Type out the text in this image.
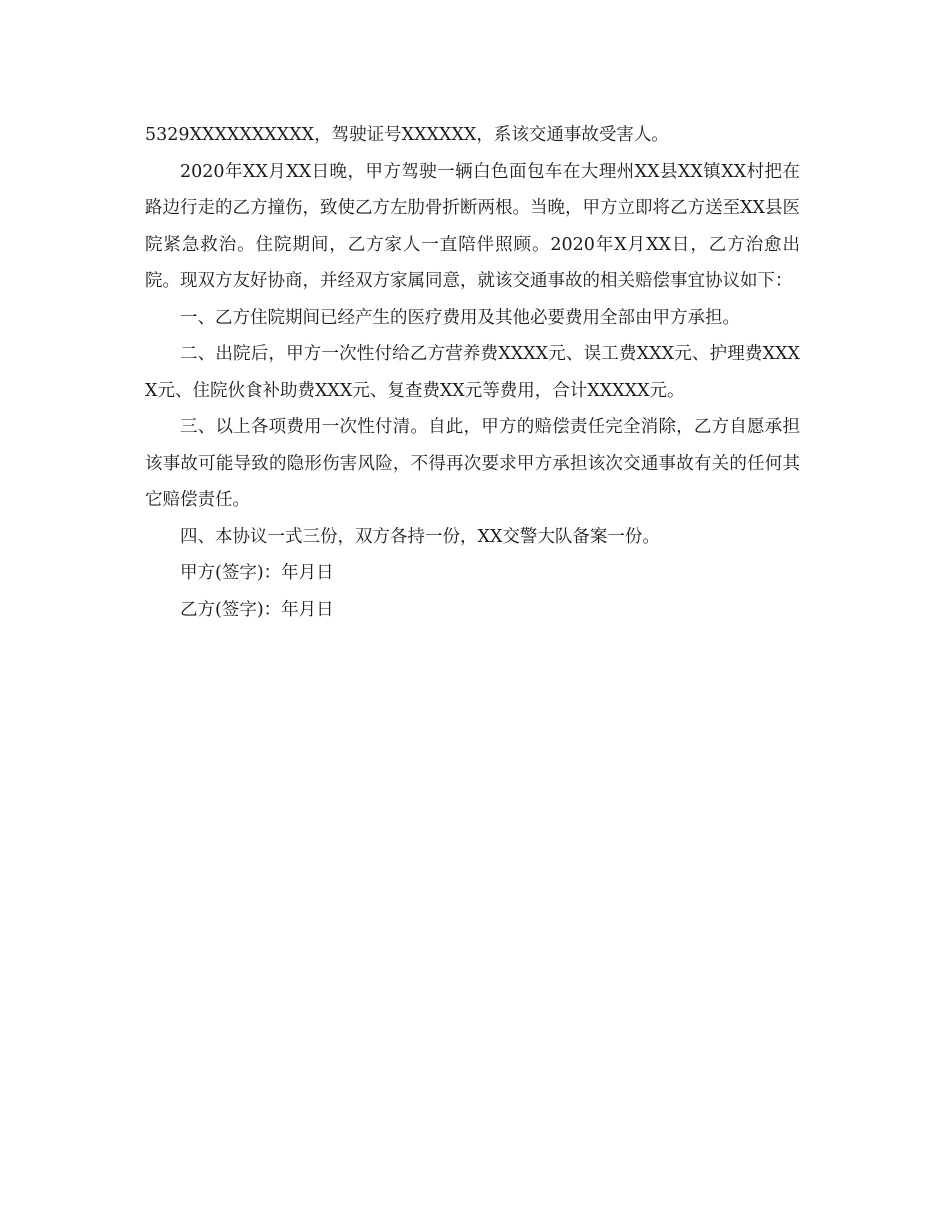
5329XXXXXXXXXX，驾驶证号XXXXXX，系该交通事故受害人。

2020年XX月XX日晚，甲方驾驶一辆白色面包车在大理州XX县XX镇XX村把在路边行走的乙方撞伤，致使乙方左肋骨折断两根。当晚，甲方立即将乙方送至XX县医院紧急救治。住院期间，乙方家人一直陪伴照顾。2020年X月XX日，乙方治愈出院。现双方友好协商，并经双方家属同意，就该交通事故的相关赔偿事宜协议如下：

一、乙方住院期间已经产生的医疗费用及其他必要费用全部由甲方承担。

二、出院后，甲方一次性付给乙方营养费XXXX元、误工费XXX元、护理费XXXX元、住院伙食补助费XXX元、复查费XX元等费用，合计XXXXX元。

三、以上各项费用一次性付清。自此，甲方的赔偿责任完全消除，乙方自愿承担该事故可能导致的隐形伤害风险，不得再次要求甲方承担该次交通事故有关的任何其它赔偿责任。

四、本协议一式三份，双方各持一份，XX交警大队备案一份。

甲方(签字)：年月日

乙方(签字)：年月日
